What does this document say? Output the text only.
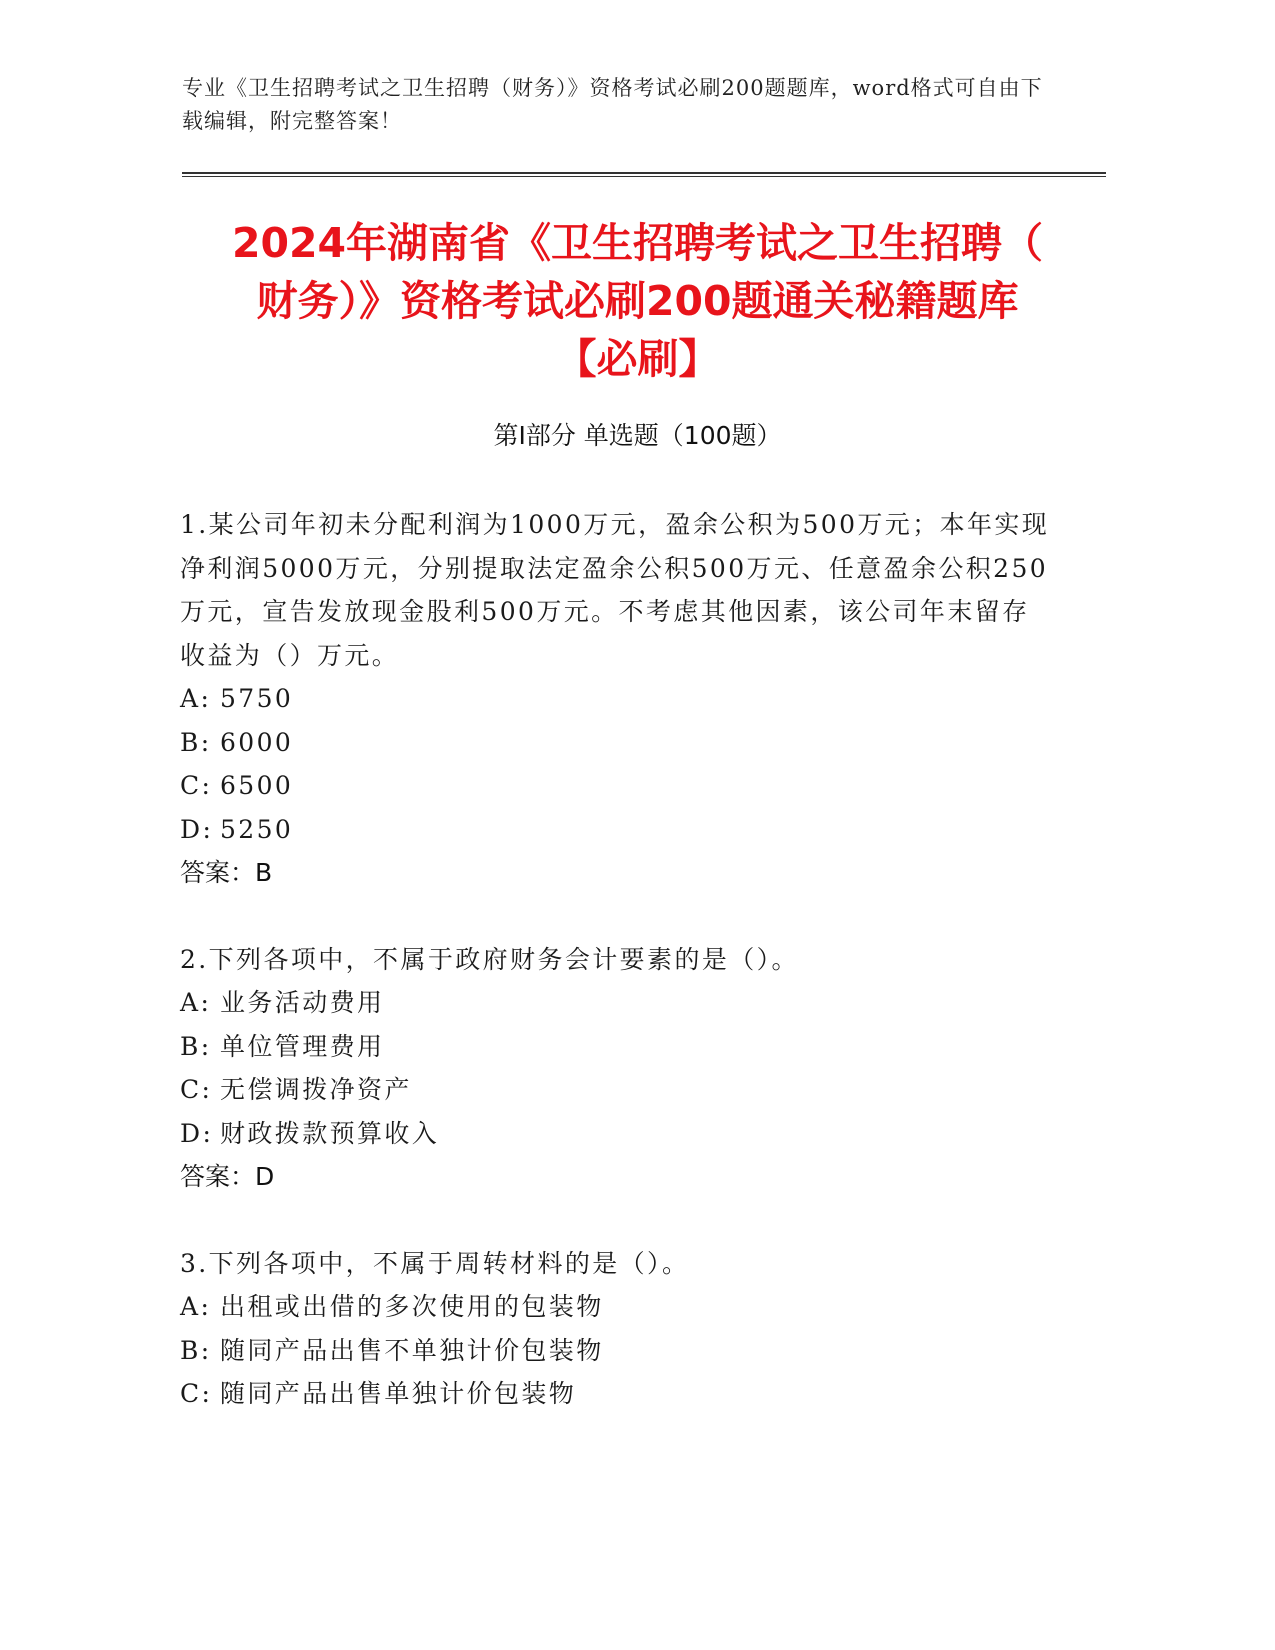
专业《卫生招聘考试之卫生招聘（财务）》资格考试必刷200题题库，word格式可自由下载编辑，附完整答案！
2024年湖南省《卫生招聘考试之卫生招聘（
财务）》资格考试必刷200题通关秘籍题库
【必刷】
第Ⅰ部分 单选题（100题）
1.某公司年初未分配利润为1000万元，盈余公积为500万元；本年实现净利润5000万元，分别提取法定盈余公积500万元、任意盈余公积250万元，宣告发放现金股利500万元。不考虑其他因素，该公司年末留存收益为（）万元。
A: 5750
B: 6000
C: 6500
D: 5250
答案：B
2.下列各项中，不属于政府财务会计要素的是（）。
A: 业务活动费用
B: 单位管理费用
C: 无偿调拨净资产
D: 财政拨款预算收入
答案：D
3.下列各项中，不属于周转材料的是（）。
A: 出租或出借的多次使用的包装物
B: 随同产品出售不单独计价包装物
C: 随同产品出售单独计价包装物
